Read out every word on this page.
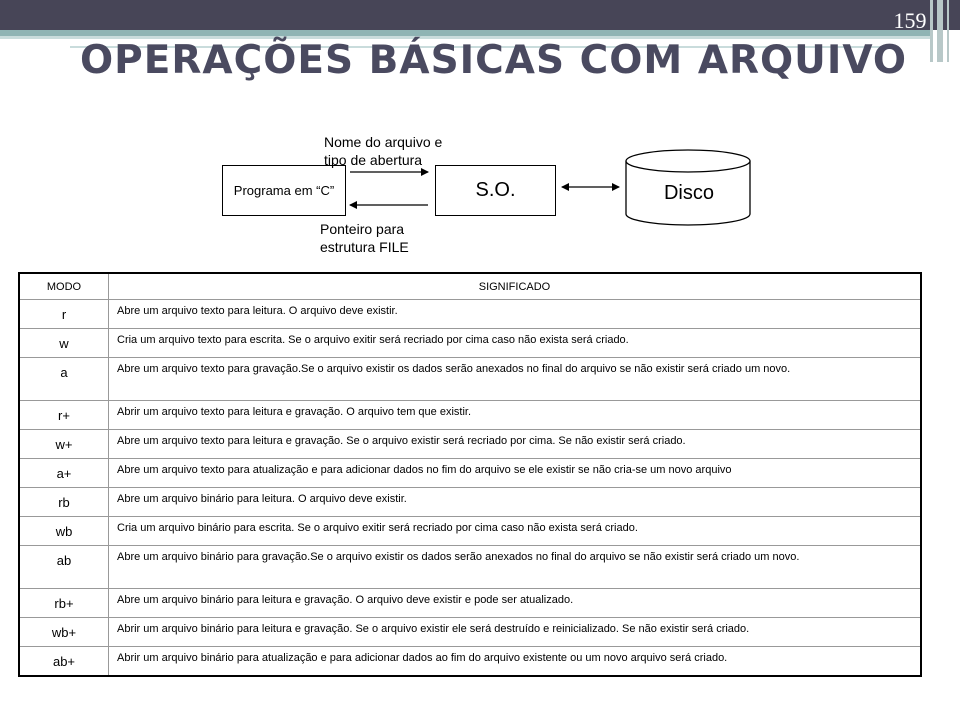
159
OPERAÇÕES BÁSICAS COM ARQUIVO
Programa em “C”	S.O.
Nome do arquivo e tipo de abertura
Ponteiro para estrutura FILE
Disco
MODO	SIGNIFICADO
r	Abre um arquivo texto para leitura. O arquivo deve existir.

w	Cria um arquivo texto para escrita. Se o arquivo exitir será recriado por cima caso não exista será criado.

a	Abre um arquivo texto para gravação.Se o arquivo existir os dados serão anexados no final do arquivo se não existir será criado um novo.

r+	Abrir um arquivo texto para leitura e gravação. O arquivo tem que existir.

w+	Abre um arquivo texto para leitura e gravação. Se o arquivo existir será recriado por cima. Se não existir será criado.

a+	Abre um arquivo texto para atualização e para adicionar dados no fim do arquivo se ele existir se não cria-se um novo arquivo

rb	Abre um arquivo binário para leitura. O arquivo deve existir.

wb	Cria um arquivo binário para escrita. Se o arquivo exitir será recriado por cima caso não exista será criado.

ab	Abre um arquivo binário para gravação.Se o arquivo existir os dados serão anexados no final do arquivo se não existir será criado um novo.

rb+	Abre um arquivo binário para leitura e gravação. O arquivo deve existir e pode ser atualizado.

wb+	Abrir um arquivo binário para leitura e gravação. Se o arquivo existir ele será destruído e reinicializado. Se não existir será criado.

ab+	Abrir um arquivo binário para atualização e para adicionar dados ao fim do arquivo existente ou um novo arquivo será criado.
